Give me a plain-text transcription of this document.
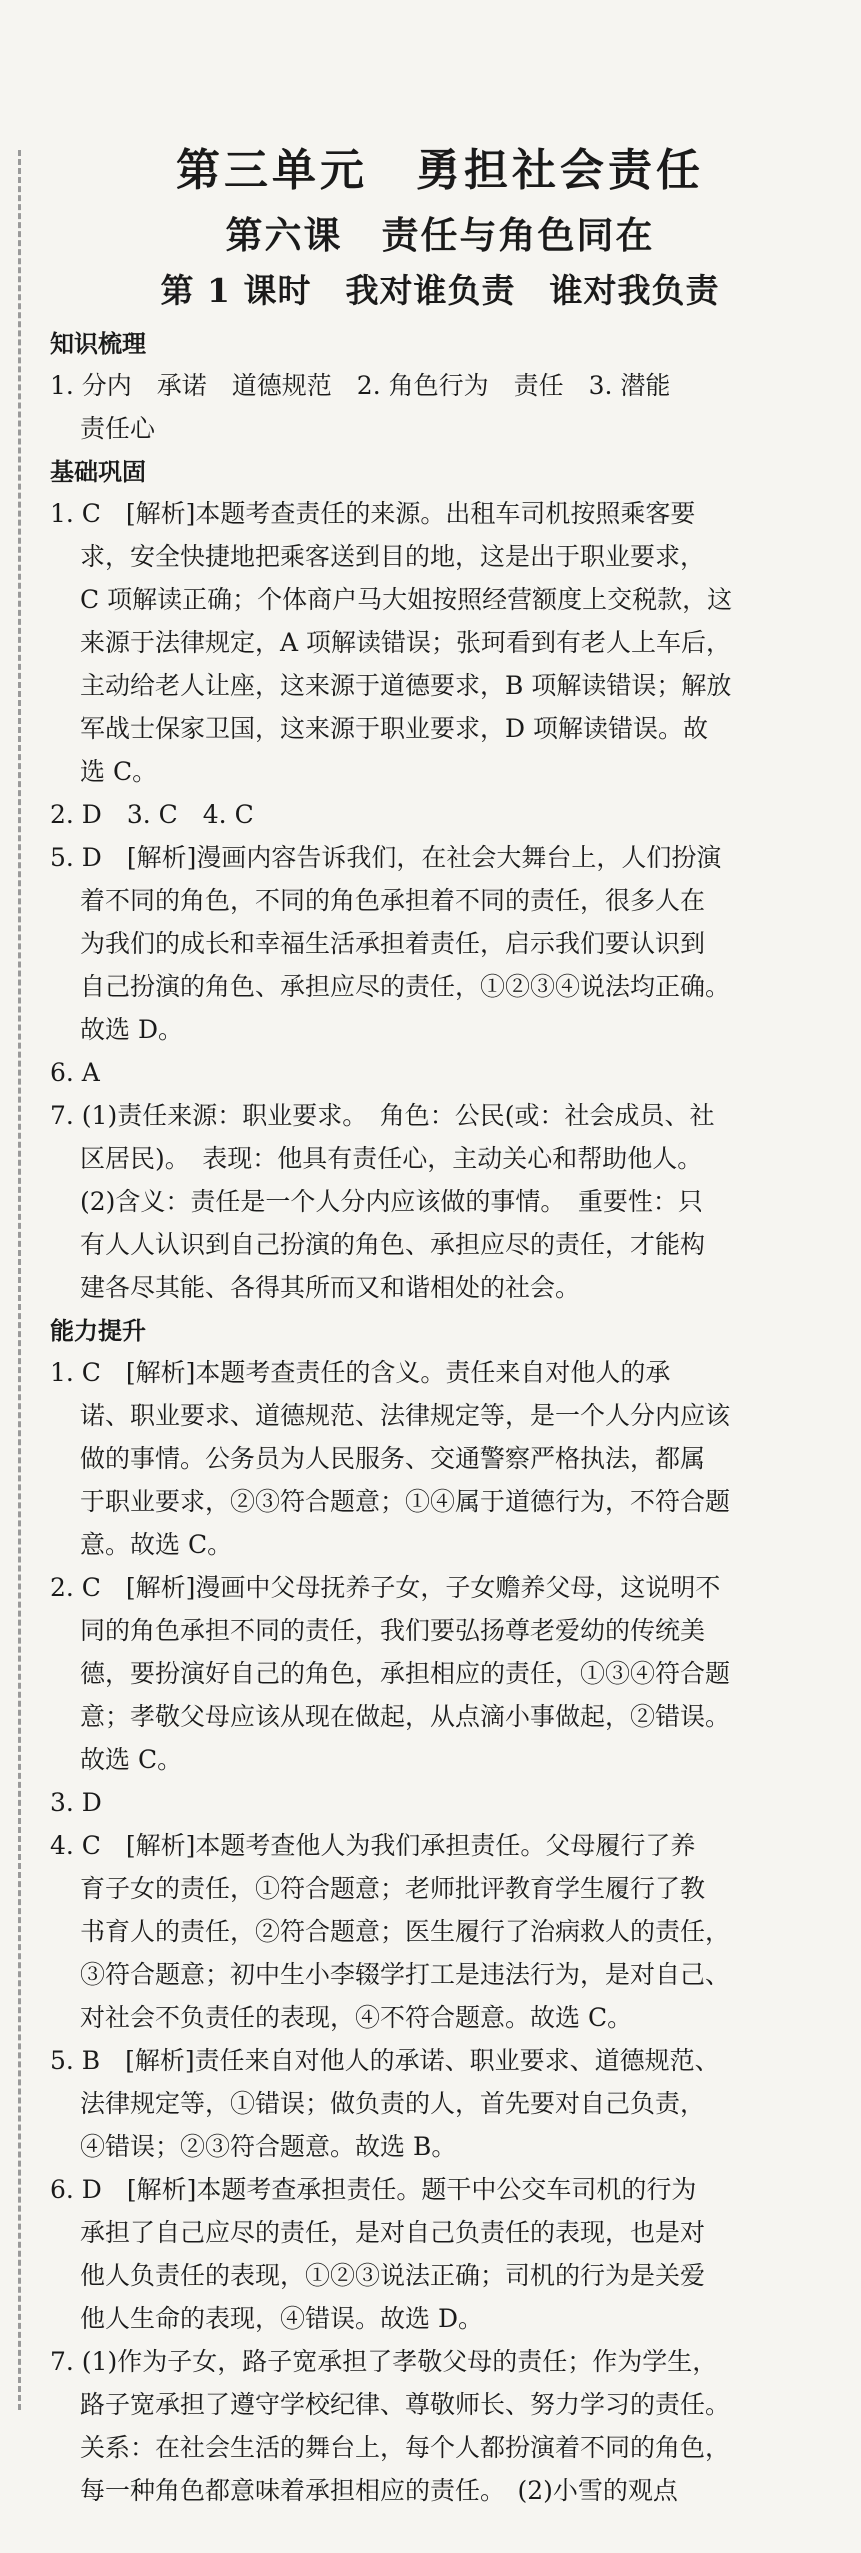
第三单元　勇担社会责任
第六课　责任与角色同在
第 1 课时　我对谁负责　谁对我负责
知识梳理
1. 分内　承诺　道德规范　2. 角色行为　责任　3. 潜能
责任心
基础巩固
1. C　[解析]本题考查责任的来源。出租车司机按照乘客要
求，安全快捷地把乘客送到目的地，这是出于职业要求，
C 项解读正确；个体商户马大姐按照经营额度上交税款，这
来源于法律规定，A 项解读错误；张珂看到有老人上车后，
主动给老人让座，这来源于道德要求，B 项解读错误；解放
军战士保家卫国，这来源于职业要求，D 项解读错误。故
选 C。
2. D　3. C　4. C
5. D　[解析]漫画内容告诉我们，在社会大舞台上，人们扮演
着不同的角色，不同的角色承担着不同的责任，很多人在
为我们的成长和幸福生活承担着责任，启示我们要认识到
自己扮演的角色、承担应尽的责任，①②③④说法均正确。
故选 D。
6. A
7. (1)责任来源：职业要求。　角色：公民(或：社会成员、社
区居民)。　表现：他具有责任心，主动关心和帮助他人。
(2)含义：责任是一个人分内应该做的事情。　重要性：只
有人人认识到自己扮演的角色、承担应尽的责任，才能构
建各尽其能、各得其所而又和谐相处的社会。
能力提升
1. C　[解析]本题考查责任的含义。责任来自对他人的承
诺、职业要求、道德规范、法律规定等，是一个人分内应该
做的事情。公务员为人民服务、交通警察严格执法，都属
于职业要求，②③符合题意；①④属于道德行为，不符合题
意。故选 C。
2. C　[解析]漫画中父母抚养子女，子女赡养父母，这说明不
同的角色承担不同的责任，我们要弘扬尊老爱幼的传统美
德，要扮演好自己的角色，承担相应的责任，①③④符合题
意；孝敬父母应该从现在做起，从点滴小事做起，②错误。
故选 C。
3. D
4. C　[解析]本题考查他人为我们承担责任。父母履行了养
育子女的责任，①符合题意；老师批评教育学生履行了教
书育人的责任，②符合题意；医生履行了治病救人的责任，
③符合题意；初中生小李辍学打工是违法行为，是对自己、
对社会不负责任的表现，④不符合题意。故选 C。
5. B　[解析]责任来自对他人的承诺、职业要求、道德规范、
法律规定等，①错误；做负责的人，首先要对自己负责，
④错误；②③符合题意。故选 B。
6. D　[解析]本题考查承担责任。题干中公交车司机的行为
承担了自己应尽的责任，是对自己负责任的表现，也是对
他人负责任的表现，①②③说法正确；司机的行为是关爱
他人生命的表现，④错误。故选 D。
7. (1)作为子女，路子宽承担了孝敬父母的责任；作为学生，
路子宽承担了遵守学校纪律、尊敬师长、努力学习的责任。
关系：在社会生活的舞台上，每个人都扮演着不同的角色，
每一种角色都意味着承担相应的责任。　(2)小雪的观点
